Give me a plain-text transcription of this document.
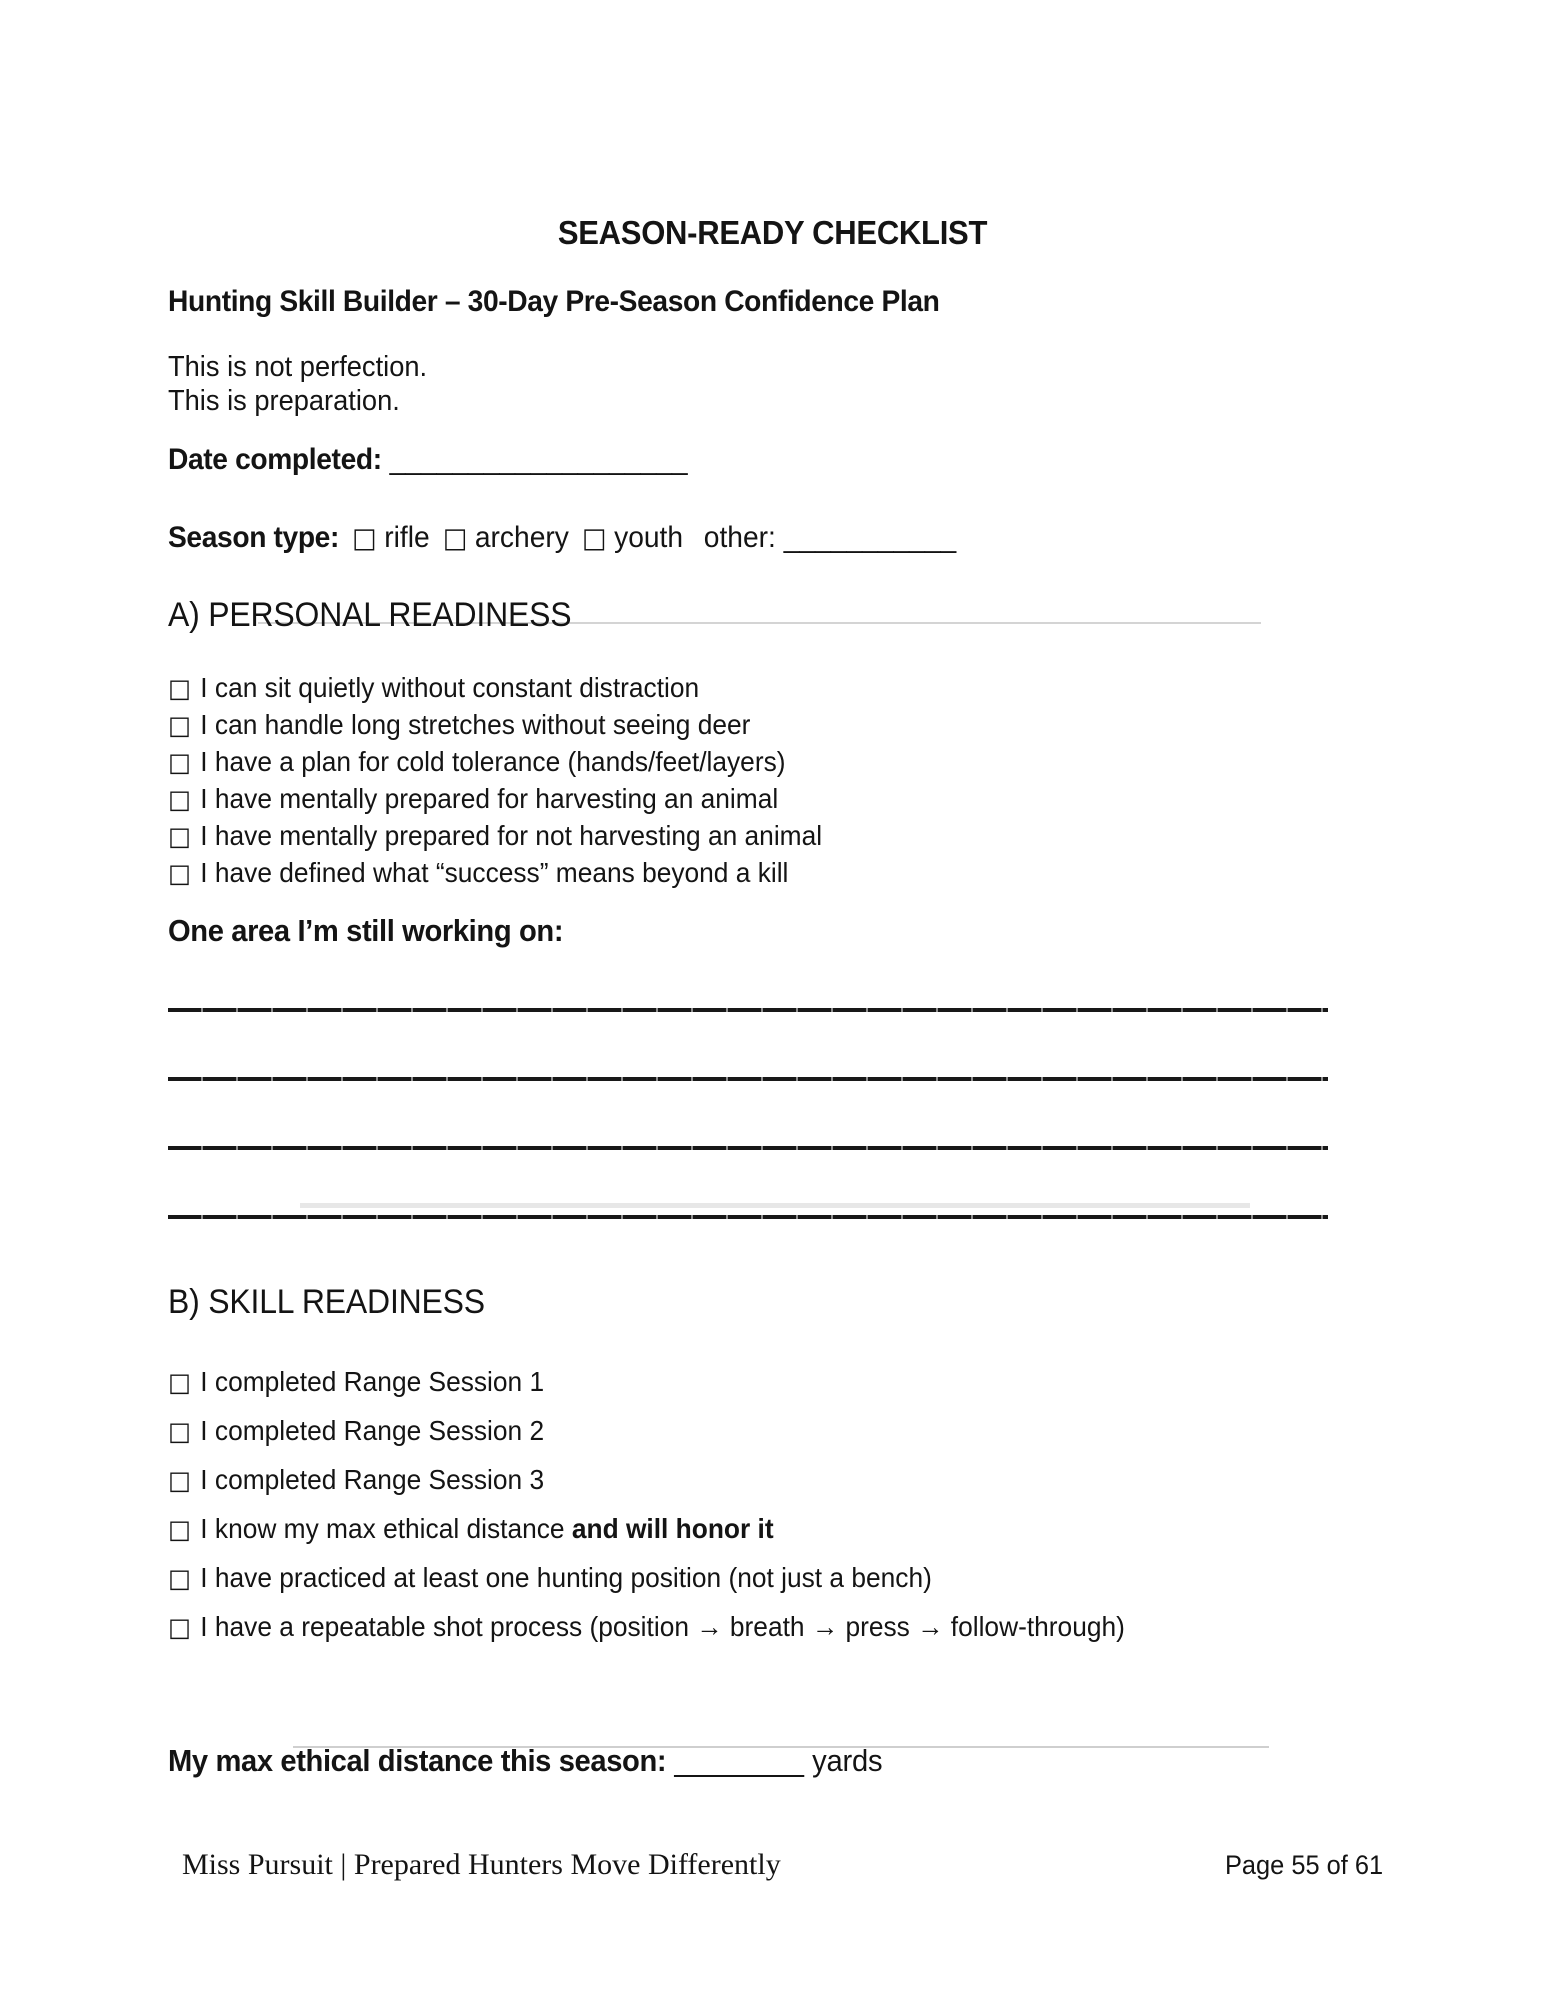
SEASON-READY CHECKLIST
Hunting Skill Builder – 30-Day Pre-Season Confidence Plan
This is not perfection.
This is preparation.
Date completed: ___________________
Season type: □ rifle □ archery □ youth other: ___________
A) PERSONAL READINESS
□ I can sit quietly without constant distraction
□ I can handle long stretches without seeing deer
□ I have a plan for cold tolerance (hands/feet/layers)
□ I have mentally prepared for harvesting an animal
□ I have mentally prepared for not harvesting an animal
□ I have defined what “success” means beyond a kill
One area I’m still working on:
B) SKILL READINESS
□ I completed Range Session 1
□ I completed Range Session 2
□ I completed Range Session 3
□ I know my max ethical distance and will honor it
□ I have practiced at least one hunting position (not just a bench)
□ I have a repeatable shot process (position → breath → press → follow-through)
My max ethical distance this season: ________ yards
Miss Pursuit | Prepared Hunters Move Differently	Page 55 of 61
